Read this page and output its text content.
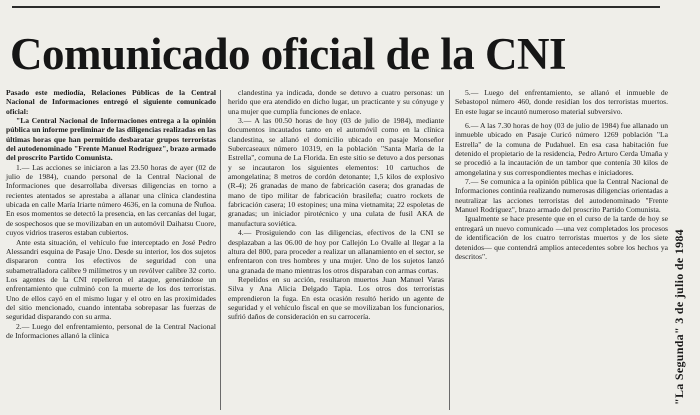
Comunicado oficial de la CNI

Pasado este mediodía, Relaciones Públicas de la Central Nacional de Informaciones entregó el siguiente comunicado oficial:

"La Central Nacional de Informaciones entrega a la opinión pública un informe preliminar de las diligencias realizadas en las últimas horas que han permitido desbaratar grupos terroristas del autodenominado "Frente Manuel Rodríguez", brazo armado del proscrito Partido Comunista.

1.— Las acciones se iniciaron a las 23.50 horas de ayer (02 de julio de 1984), cuando personal de la Central Nacional de Informaciones que desarrollaba diversas diligencias en torno a recientes atentados se aprestaba a allanar una clínica clandestina ubicada en calle María Iriarte número 4636, en la comuna de Ñuñoa. En esos momentos se detectó la presencia, en las cercanías del lugar, de sospechosos que se movilizaban en un automóvil Daihatsu Cuore, cuyos vidrios traseros estaban cubiertos.

Ante esta situación, el vehículo fue interceptado en José Pedro Alessandri esquina de Pasaje Uno. Desde su interior, los dos sujetos dispararon contra los efectivos de seguridad con una subametralladora calibre 9 milímetros y un revólver calibre 32 corto. Los agentes de la CNI repelieron el ataque, generándose un enfrentamiento que culminó con la muerte de los dos terroristas. Uno de ellos cayó en el mismo lugar y el otro en las proximidades del sitio mencionado, cuando intentaba sobrepasar las fuerzas de seguridad disparando con su arma.

2.— Luego del enfrentamiento, personal de la Central Nacional de Informaciones allanó la clínica

clandestina ya indicada, donde se detuvo a cuatro personas: un herido que era atendido en dicho lugar, un practicante y su cónyuge y una mujer que cumplía funciones de enlace.

3.— A las 00.50 horas de hoy (03 de julio de 1984), mediante documentos incautados tanto en el automóvil como en la clínica clandestina, se allanó el domicilio ubicado en pasaje Monseñor Subercaseaux número 10319, en la población "Santa María de la Estrella", comuna de La Florida. En este sitio se detuvo a dos personas y se incautaron los siguientes elementos: 10 cartuchos de amongelatina; 8 metros de cordón detonante; 1,5 kilos de explosivo (R-4); 26 granadas de mano de fabricación casera; dos granadas de mano de tipo militar de fabricación brasileña; cuatro rockets de fabricación casera; 10 estopines; una mina vietnamita; 22 espoletas de granadas; un iniciador pirotécnico y una culata de fusil AKA de manufactura soviética.

4.— Prosiguiendo con las diligencias, efectivos de la CNI se desplazaban a las 06.00 de hoy por Callejón Lo Ovalle al llegar a la altura del 800, para proceder a realizar un allanamiento en el sector, se enfrentaron con tres hombres y una mujer. Uno de los sujetos lanzó una granada de mano mientras los otros disparaban con armas cortas.

Repelidos en su acción, resultaron muertos Juan Manuel Varas Silva y Ana Alicia Delgado Tapia. Los otros dos terroristas emprendieron la fuga. En esta ocasión resultó herido un agente de seguridad y el vehículo fiscal en que se movilizaban los funcionarios, sufrió daños de consideración en su carrocería.

5.— Luego del enfrentamiento, se allanó el inmueble de Sebastopol número 460, donde residían los dos terroristas muertos. En este lugar se incautó numeroso material subversivo.

6.— A las 7.30 horas de hoy (03 de julio de 1984) fue allanado un inmueble ubicado en Pasaje Curicó número 1269 población "La Estrella" de la comuna de Pudahuel. En esa casa habitación fue detenido el propietario de la residencia, Pedro Arturo Cerda Umaña y se procedió a la incautación de un tambor que contenía 30 kilos de amongelatina y sus correspondientes mechas e iniciadores.

7.— Se comunica a la opinión pública que la Central Nacional de Informaciones continúa realizando numerosas diligencias orientadas a neutralizar las acciones terroristas del autodenominado "Frente Manuel Rodríguez", brazo armado del proscrito Partido Comunista.

Igualmente se hace presente que en el curso de la tarde de hoy se entregará un nuevo comunicado —una vez completados los procesos de identificación de los cuatro terroristas muertos y de los siete detenidos— que contendrá amplios antecedentes sobre los hechos ya descritos".	"La Segunda" 3 de julio de 1984
